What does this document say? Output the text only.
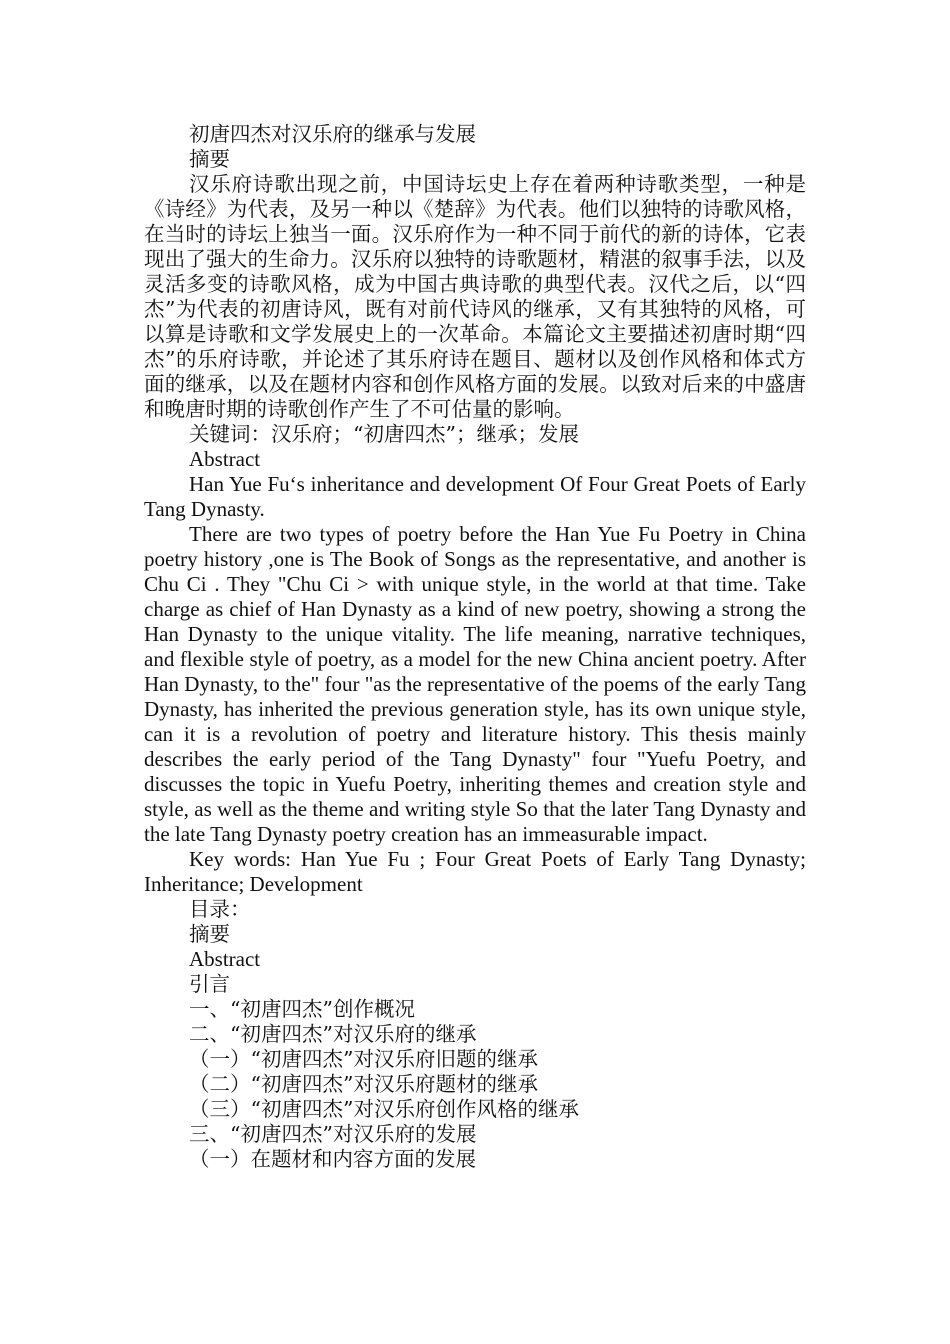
初唐四杰对汉乐府的继承与发展
摘要

汉乐府诗歌出现之前，中国诗坛史上存在着两种诗歌类型，一种是《诗经》为代表，及另一种以《楚辞》为代表。他们以独特的诗歌风格，在当时的诗坛上独当一面。汉乐府作为一种不同于前代的新的诗体，它表现出了强大的生命力。汉乐府以独特的诗歌题材，精湛的叙事手法，以及灵活多变的诗歌风格，成为中国古典诗歌的典型代表。汉代之后，以“四杰”为代表的初唐诗风，既有对前代诗风的继承，又有其独特的风格，可以算是诗歌和文学发展史上的一次革命。本篇论文主要描述初唐时期“四杰”的乐府诗歌，并论述了其乐府诗在题目、题材以及创作风格和体式方面的继承，以及在题材内容和创作风格方面的发展。以致对后来的中盛唐和晚唐时期的诗歌创作产生了不可估量的影响。

关键词：汉乐府；“初唐四杰”；继承；发展
Abstract

Han Yue Fu‘s inheritance and development Of Four Great Poets of Early Tang Dynasty.

There are two types of poetry before the Han Yue Fu Poetry in China poetry history ,one is The Book of Songs as the representative, and another is Chu Ci . They "Chu Ci > with unique style, in the world at that time. Take charge as chief of Han Dynasty as a kind of new poetry, showing a strong the Han Dynasty to the unique vitality. The life meaning, narrative techniques, and flexible style of poetry, as a model for the new China ancient poetry. After Han Dynasty, to the" four "as the representative of the poems of the early Tang Dynasty, has inherited the previous generation style, has its own unique style, can it is a revolution of poetry and literature history. This thesis mainly describes the early period of the Tang Dynasty" four "Yuefu Poetry, and discusses the topic in Yuefu Poetry, inheriting themes and creation style and style, as well as the theme and writing style So that the later Tang Dynasty and the late Tang Dynasty poetry creation has an immeasurable impact.

Key words: Han Yue Fu ; Four Great Poets of Early Tang Dynasty; Inheritance; Development

目录：
摘要
Abstract
引言
一、“初唐四杰”创作概况
二、“初唐四杰”对汉乐府的继承
（一）“初唐四杰”对汉乐府旧题的继承
（二）“初唐四杰”对汉乐府题材的继承
（三）“初唐四杰”对汉乐府创作风格的继承
三、“初唐四杰”对汉乐府的发展
（一）在题材和内容方面的发展
